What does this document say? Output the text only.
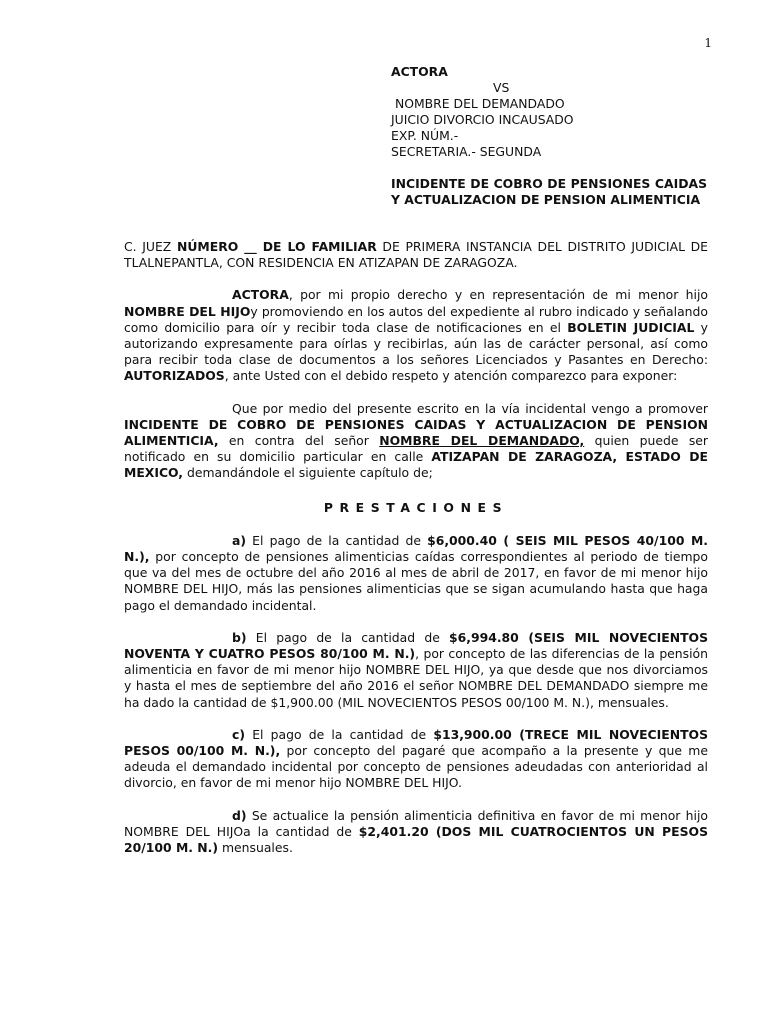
1
ACTORA
VS
NOMBRE DEL DEMANDADO
JUICIO DIVORCIO INCAUSADO
EXP. NÚM.-
SECRETARIA.- SEGUNDA
INCIDENTE DE COBRO DE PENSIONES CAIDAS Y ACTUALIZACION DE PENSION ALIMENTICIA

C. JUEZ NÚMERO __ DE LO FAMILIAR DE PRIMERA INSTANCIA DEL DISTRITO JUDICIAL DE TLALNEPANTLA, CON RESIDENCIA EN ATIZAPAN DE ZARAGOZA.

ACTORA, por mi propio derecho y en representación de mi menor hijo NOMBRE DEL HIJOy promoviendo en los autos del expediente al rubro indicado y señalando como domicilio para oír y recibir toda clase de notificaciones en el BOLETIN JUDICIAL y autorizando expresamente para oírlas y recibirlas, aún las de carácter personal, así como para recibir toda clase de documentos a los señores Licenciados y Pasantes en Derecho: AUTORIZADOS, ante Usted con el debido respeto y atención comparezco para exponer:

Que por medio del presente escrito en la vía incidental vengo a promover INCIDENTE DE COBRO DE PENSIONES CAIDAS Y ACTUALIZACION DE PENSION ALIMENTICIA, en contra del señor NOMBRE DEL DEMANDADO, quien puede ser notificado en su domicilio particular en calle ATIZAPAN DE ZARAGOZA, ESTADO DE MEXICO, demandándole el siguiente capítulo de;

PRESTACIONES

a) El pago de la cantidad de $6,000.40 ( SEIS MIL PESOS 40/100 M. N.), por concepto de pensiones alimenticias caídas correspondientes al periodo de tiempo que va del mes de octubre del año 2016 al mes de abril de 2017, en favor de mi menor hijo NOMBRE DEL HIJO, más las pensiones alimenticias que se sigan acumulando hasta que haga pago el demandado incidental.

b) El pago de la cantidad de $6,994.80 (SEIS MIL NOVECIENTOS NOVENTA Y CUATRO PESOS 80/100 M. N.), por concepto de las diferencias de la pensión alimenticia en favor de mi menor hijo NOMBRE DEL HIJO, ya que desde que nos divorciamos y hasta el mes de septiembre del año 2016 el señor NOMBRE DEL DEMANDADO siempre me ha dado la cantidad de $1,900.00 (MIL NOVECIENTOS PESOS 00/100 M. N.), mensuales.

c) El pago de la cantidad de $13,900.00 (TRECE MIL NOVECIENTOS PESOS 00/100 M. N.), por concepto del pagaré que acompaño a la presente y que me adeuda el demandado incidental por concepto de pensiones adeudadas con anterioridad al divorcio, en favor de mi menor hijo NOMBRE DEL HIJO.

d) Se actualice la pensión alimenticia definitiva en favor de mi menor hijo NOMBRE DEL HIJOa la cantidad de $2,401.20 (DOS MIL CUATROCIENTOS UN PESOS 20/100 M. N.) mensuales.
